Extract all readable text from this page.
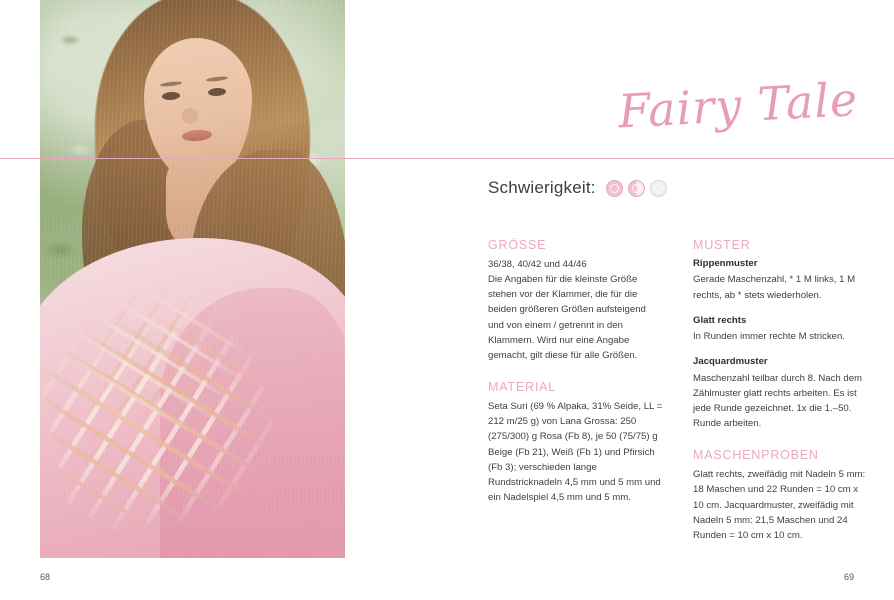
Fairy Tale
Schwierigkeit:
GRÖSSE

36/38, 40/42 und 44/46

Die Angaben für die kleinste Größe stehen vor der Klammer, die für die beiden größeren Größen aufsteigend und von einem / getrennt in den Klammern. Wird nur eine Angabe gemacht, gilt diese für alle Größen.

MATERIAL

Seta Suri (69 % Alpaka, 31% Seide, LL = 212 m/25 g) von Lana Grossa: 250 (275/300) g Rosa (Fb 8), je 50 (75/75) g Beige (Fb 21), Weiß (Fb 1) und Pfirsich (Fb 3); verschieden lange Rundstricknadeln 4,5 mm und 5 mm und ein Nadelspiel 4,5 mm und 5 mm.

MUSTER

Rippenmuster

Gerade Maschenzahl, * 1 M links, 1 M rechts, ab * stets wiederholen.

Glatt rechts

In Runden immer rechte M stricken.

Jacquardmuster

Maschenzahl teilbar durch 8. Nach dem Zählmuster glatt rechts arbeiten. Es ist jede Runde gezeichnet. 1x die 1.–50. Runde arbeiten.

MASCHENPROBEN

Glatt rechts, zweifädig mit Nadeln 5 mm: 18 Maschen und 22 Runden = 10 cm x 10 cm. Jacquardmuster, zweifädig mit Nadeln 5 mm: 21,5 Maschen und 24 Runden = 10 cm x 10 cm.

68	69
